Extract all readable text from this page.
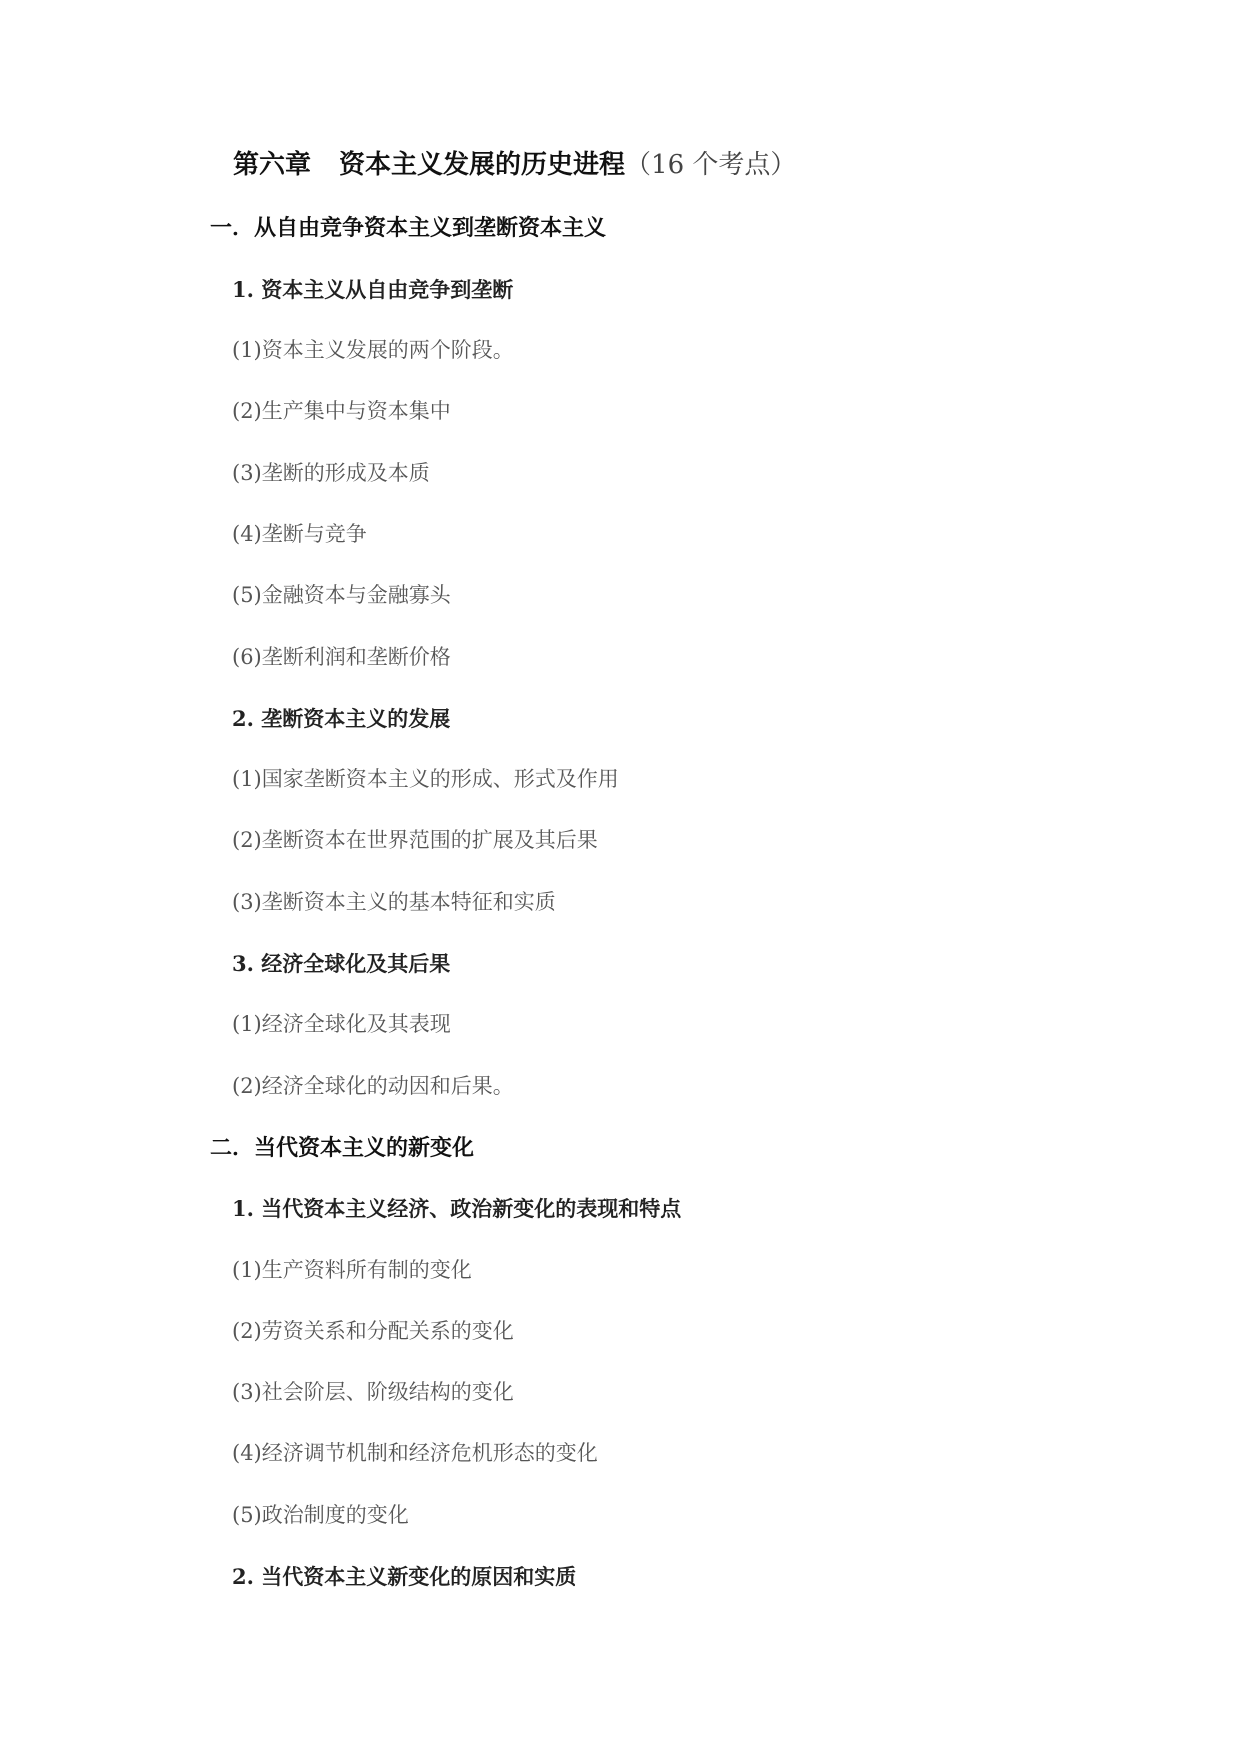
第六章 资本主义发展的历史进程（16 个考点）
一．从自由竞争资本主义到垄断资本主义
1. 资本主义从自由竞争到垄断
(1)资本主义发展的两个阶段。
(2)生产集中与资本集中
(3)垄断的形成及本质
(4)垄断与竞争
(5)金融资本与金融寡头
(6)垄断利润和垄断价格
2. 垄断资本主义的发展
(1)国家垄断资本主义的形成、形式及作用
(2)垄断资本在世界范围的扩展及其后果
(3)垄断资本主义的基本特征和实质
3. 经济全球化及其后果
(1)经济全球化及其表现
(2)经济全球化的动因和后果。
二．当代资本主义的新变化
1. 当代资本主义经济、政治新变化的表现和特点
(1)生产资料所有制的变化
(2)劳资关系和分配关系的变化
(3)社会阶层、阶级结构的变化
(4)经济调节机制和经济危机形态的变化
(5)政治制度的变化
2. 当代资本主义新变化的原因和实质
